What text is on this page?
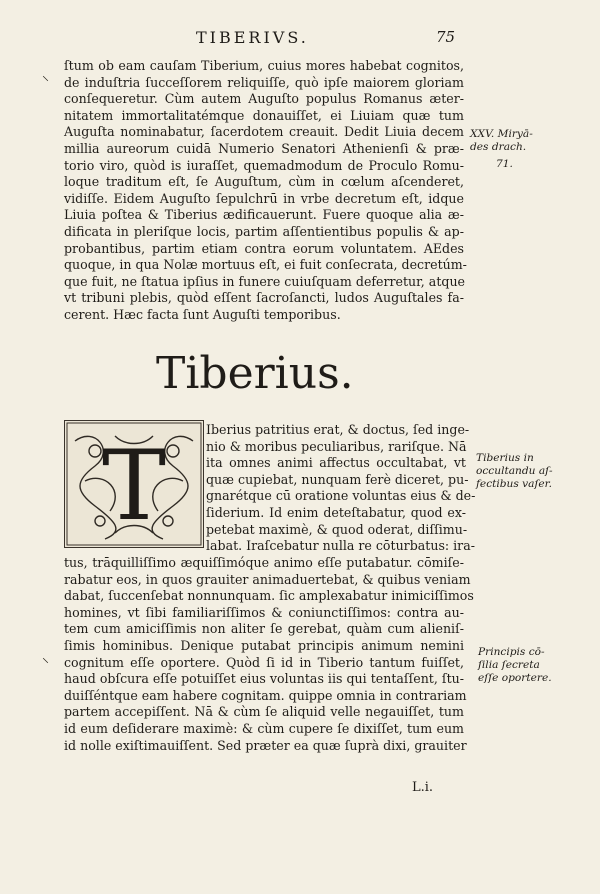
TIBERIVS.	75
⸜
⸜
ſtum ob eam cauſam Tiberium, cuius mores habebat cognitos,
de induſtria ſucceſſorem reliquiſſe, quò ipſe maiorem gloriam
conſequeretur. Cùm autem Auguſto populus Romanus æter-
nitatem immortalitatémque donauiſſet, ei Liuiam quæ tum
Auguſta nominabatur, ſacerdotem creauit. Dedit Liuia decem
millia aureorum cuidā Numerio Senatori Athenienſi & præ-
torio viro, quòd is iuraſſet, quemadmodum de Proculo Romu-
loque traditum eſt, ſe Auguſtum, cùm in cœlum aſcenderet,
vidiſſe. Eidem Auguſto ſepulchrū in vrbe decretum eſt, idque
Liuia poſtea & Tiberius ædificauerunt. Fuere quoque alia æ-
dificata in pleriſque locis, partim aſſentientibus populis & ap-
probantibus, partim etiam contra eorum voluntatem. AEdes
quoque, in qua Nolæ mortuus eſt, ei fuit conſecrata, decretúm-
que fuit, ne ſtatua ipſius in funere cuiuſquam deferretur, atque
vt tribuni plebis, quòd eſſent ſacroſancti, ludos Auguſtales fa-
cerent. Hæc facta ſunt Auguſti temporibus.
XXV. Miryā-
des drach.
71.
Tiberius.
T
Iberius patritius erat, & doctus, ſed inge-
nio & moribus peculiaribus, rariſque. Nā
ita omnes animi affectus occultabat, vt
quæ cupiebat, nunquam ferè diceret, pu-
gnarétque cū oratione voluntas eius & de-
ſiderium. Id enim deteſtabatur, quod ex-
petebat maximè, & quod oderat, diſſimu-
labat. Iraſcebatur nulla re cōturbatus: ira-
Tiberius in
occultandu aſ-
fectibus vaſer.
tus, trāquilliſſimo æquiſſimóque animo eſſe putabatur. cōmiſe-
rabatur eos, in quos grauiter animaduertebat, & quibus veniam
dabat, ſuccenſebat nonnunquam. ſic amplexabatur inimiciſſimos
homines, vt ſibi familiariſſimos & coniunctiſſimos: contra au-
tem cum amiciſſimis non aliter ſe gerebat, quàm cum alieniſ-
ſimis hominibus. Denique putabat principis animum nemini
cognitum eſſe oportere. Quòd ſi id in Tiberio tantum fuiſſet,
haud obſcura eſſe potuiſſet eius voluntas iis qui tentaſſent, ſtu-
duiſſéntque eam habere cognitam. quippe omnia in contrariam
partem accepiſſent. Nā & cùm ſe aliquid velle negauiſſet, tum
id eum deſiderare maximè: & cùm cupere ſe dixiſſet, tum eum
id nolle exiſtimauiſſent. Sed præter ea quæ ſuprà dixi, grauiter
Principis cō-
ſilia ſecreta
eſſe oportere.
L.i.
